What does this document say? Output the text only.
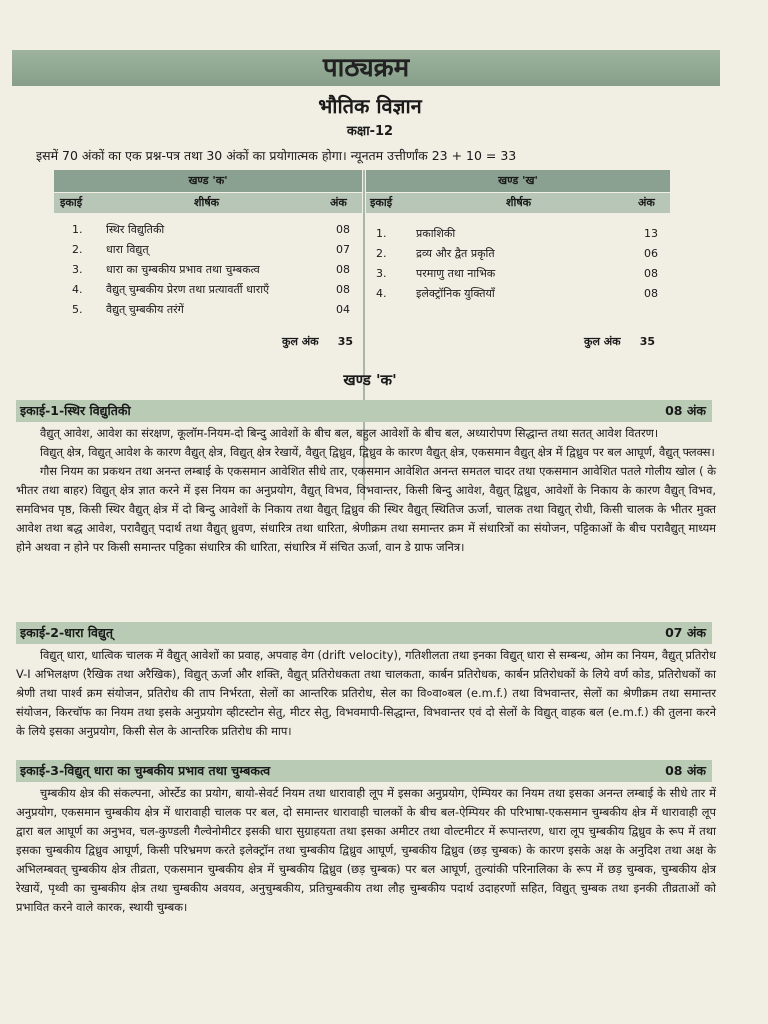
पाठ्यक्रम
भौतिक विज्ञान
कक्षा-12
इसमें 70 अंकों का एक प्रश्न-पत्र तथा 30 अंकों का प्रयोगात्मक होगा। न्यूनतम उत्तीर्णांक 23 + 10 = 33
खण्ड 'क'	खण्ड 'ख'
इकाई	शीर्षक	अंक इकाई	शीर्षक	अंक
1. स्थिर विद्युतिकी	08
2. धारा विद्युत्	07
3. धारा का चुम्बकीय प्रभाव तथा चुम्बकत्व	08
4. वैद्युत् चुम्बकीय प्रेरण तथा प्रत्यावर्ती धाराएँ	08
5. वैद्युत् चुम्बकीय तरंगें	04
1.	प्रकाशिकी	13
2.	द्रव्य और द्वैत प्रकृति	06
3.	परमाणु तथा नाभिक	08
4.	इलेक्ट्रॉनिक युक्तियाँ	08
कुल अंक 35	कुल अंक 35
खण्ड 'क'
इकाई-1-स्थिर विद्युतिकी	08 अंक

वैद्युत् आवेश, आवेश का संरक्षण, कूलॉम-नियम-दो बिन्दु आवेशों के बीच बल, बहुल आवेशों के बीच बल, अध्यारोपण सिद्धान्त तथा सतत् आवेश वितरण।

विद्युत् क्षेत्र, विद्युत् आवेश के कारण वैद्युत् क्षेत्र, विद्युत् क्षेत्र रेखायें, वैद्युत् द्विध्रुव, द्विध्रुव के कारण वैद्युत् क्षेत्र, एकसमान वैद्युत् क्षेत्र में द्विध्रुव पर बल आघूर्ण, वैद्युत् फ्लक्स।

गौस नियम का प्रकथन तथा अनन्त लम्बाई के एकसमान आवेशित सीधे तार, एकसमान आवेशित अनन्त समतल चादर तथा एकसमान आवेशित पतले गोलीय खोल ( के भीतर तथा बाहर) विद्युत् क्षेत्र ज्ञात करने में इस नियम का अनुप्रयोग, वैद्युत् विभव, विभवान्तर, किसी बिन्दु आवेश, वैद्युत् द्विध्रुव, आवेशों के निकाय के कारण वैद्युत् विभव, समविभव पृष्ठ, किसी स्थिर वैद्युत् क्षेत्र में दो बिन्दु आवेशों के निकाय तथा वैद्युत् द्विध्रुव की स्थिर वैद्युत् स्थितिज ऊर्जा, चालक तथा विद्युत् रोधी, किसी चालक के भीतर मुक्त आवेश तथा बद्ध आवेश, परावैद्युत् पदार्थ तथा वैद्युत् ध्रुवण, संधारित्र तथा धारिता, श्रेणीक्रम तथा समान्तर क्रम में संधारित्रों का संयोजन, पट्टिकाओं के बीच परावैद्युत् माध्यम होने अथवा न होने पर किसी समान्तर पट्टिका संधारित्र की धारिता, संधारित्र में संचित ऊर्जा, वान डे ग्राफ जनित्र।

इकाई-2-धारा विद्युत्	07 अंक

विद्युत् धारा, धात्विक चालक में वैद्युत् आवेशों का प्रवाह, अपवाह वेग (drift velocity), गतिशीलता तथा इनका विद्युत् धारा से सम्बन्ध, ओम का नियम, वैद्युत् प्रतिरोध V-I अभिलक्षण (रैखिक तथा अरैखिक), विद्युत् ऊर्जा और शक्ति, वैद्युत् प्रतिरोधकता तथा चालकता, कार्बन प्रतिरोधक, कार्बन प्रतिरोधकों के लिये वर्ण कोड, प्रतिरोधकों का श्रेणी तथा पार्श्व क्रम संयोजन, प्रतिरोध की ताप निर्भरता, सेलों का आन्तरिक प्रतिरोध, सेल का वि०वा०बल (e.m.f.) तथा विभवान्तर, सेलों का श्रेणीक्रम तथा समान्तर संयोजन, किरचॉफ का नियम तथा इसके अनुप्रयोग व्हीटस्टोन सेतु, मीटर सेतु, विभवमापी-सिद्धान्त, विभवान्तर एवं दो सेलों के विद्युत् वाहक बल (e.m.f.) की तुलना करने के लिये इसका अनुप्रयोग, किसी सेल के आन्तरिक प्रतिरोध की माप।

इकाई-3-विद्युत् धारा का चुम्बकीय प्रभाव तथा चुम्बकत्व	08 अंक

चुम्बकीय क्षेत्र की संकल्पना, ओर्स्टेड का प्रयोग, बायो-सेवर्ट नियम तथा धारावाही लूप में इसका अनुप्रयोग, ऐम्पियर का नियम तथा इसका अनन्त लम्बाई के सीधे तार में अनुप्रयोग, एकसमान चुम्बकीय क्षेत्र में धारावाही चालक पर बल, दो समान्तर धारावाही चालकों के बीच बल-ऐम्पियर की परिभाषा-एकसमान चुम्बकीय क्षेत्र में धारावाही लूप द्वारा बल आघूर्ण का अनुभव, चल-कुण्डली गैल्वेनोमीटर इसकी धारा सुग्राहयता तथा इसका अमीटर तथा वोल्टमीटर में रूपान्तरण, धारा लूप चुम्बकीय द्विध्रुव के रूप में तथा इसका चुम्बकीय द्विध्रुव आघूर्ण, किसी परिभ्रमण करते इलेक्ट्रॉन तथा चुम्बकीय द्विध्रुव आघूर्ण, चुम्बकीय द्विध्रुव (छड़ चुम्बक) के कारण इसके अक्ष के अनुदिश तथा अक्ष के अभिलम्बवत् चुम्बकीय क्षेत्र तीव्रता, एकसमान चुम्बकीय क्षेत्र में चुम्बकीय द्विध्रुव (छड़ चुम्बक) पर बल आघूर्ण, तुल्यांकी परिनालिका के रूप में छड़ चुम्बक, चुम्बकीय क्षेत्र रेखायें, पृथ्वी का चुम्बकीय क्षेत्र तथा चुम्बकीय अवयव, अनुचुम्बकीय, प्रतिचुम्बकीय तथा लौह चुम्बकीय पदार्थ उदाहरणों सहित, विद्युत् चुम्बक तथा इनकी तीव्रताओं को प्रभावित करने वाले कारक, स्थायी चुम्बक।
